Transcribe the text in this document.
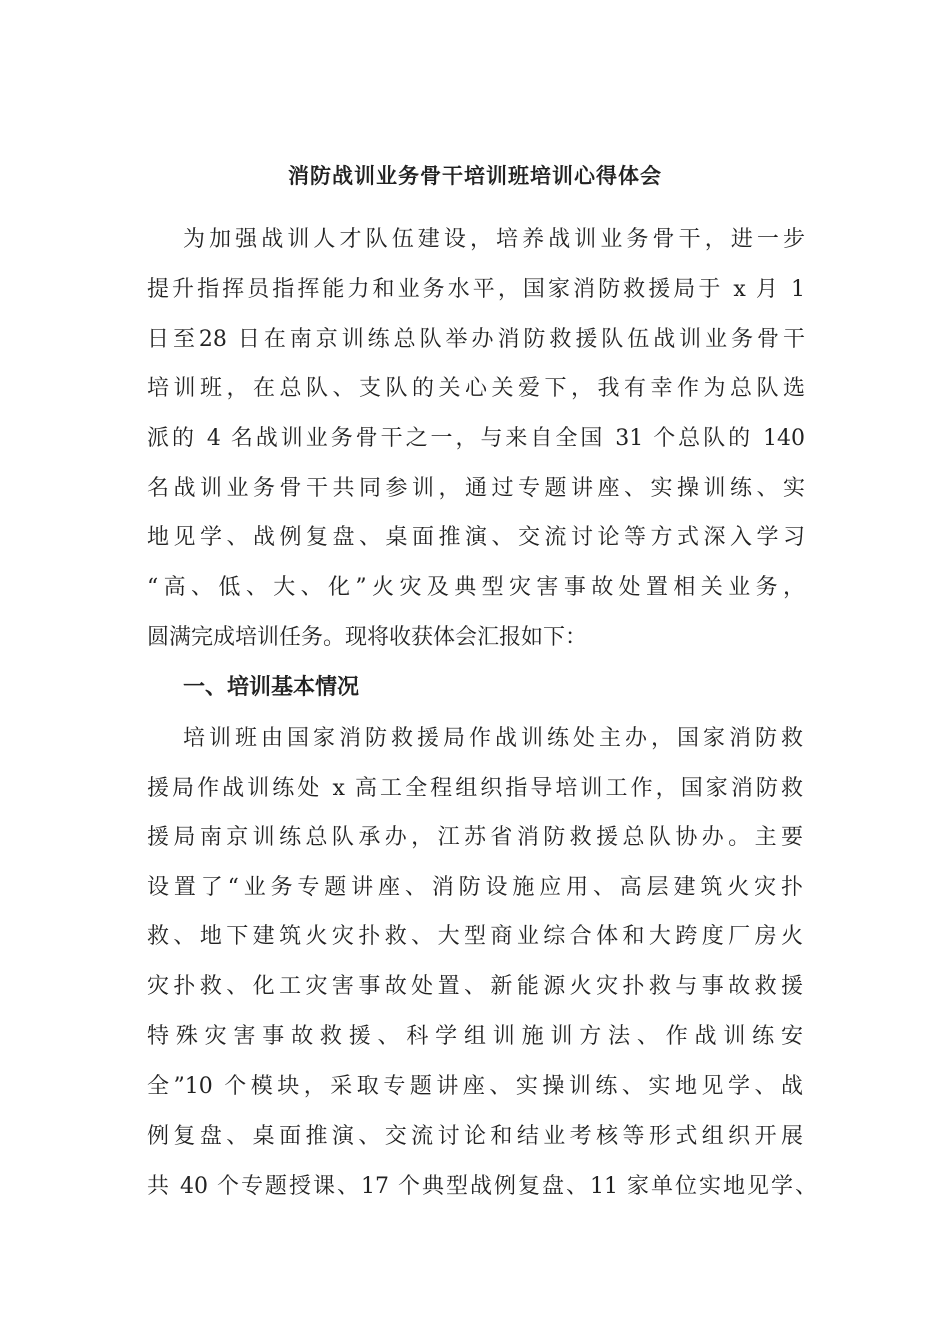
消防战训业务骨干培训班培训心得体会
为加强战训人才队伍建设，培养战训业务骨干，进一步
提升指挥员指挥能力和业务水平，国家消防救援局于 x 月 1
日至28 日在南京训练总队举办消防救援队伍战训业务骨干
培训班，在总队、支队的关心关爱下，我有幸作为总队选
派的 4 名战训业务骨干之一，与来自全国 31 个总队的 140
名战训业务骨干共同参训，通过专题讲座、实操训练、实
地见学、战例复盘、桌面推演、交流讨论等方式深入学习
“高、低、大、化”火灾及典型灾害事故处置相关业务，
圆满完成培训任务。现将收获体会汇报如下：
一、培训基本情况
培训班由国家消防救援局作战训练处主办，国家消防救
援局作战训练处 x 高工全程组织指导培训工作，国家消防救
援局南京训练总队承办，江苏省消防救援总队协办。主要
设置了“业务专题讲座、消防设施应用、高层建筑火灾扑
救、地下建筑火灾扑救、大型商业综合体和大跨度厂房火
灾扑救、化工灾害事故处置、新能源火灾扑救与事故救援
特殊灾害事故救援、科学组训施训方法、作战训练安
全”10 个模块，采取专题讲座、实操训练、实地见学、战
例复盘、桌面推演、交流讨论和结业考核等形式组织开展
共 40 个专题授课、17 个典型战例复盘、11 家单位实地见学、
